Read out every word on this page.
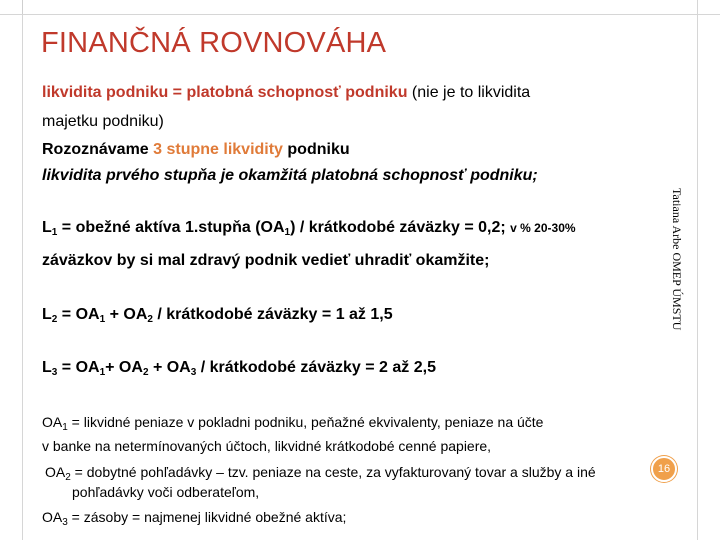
FINANČNÁ ROVNOVÁHA
likvidita podniku = platobná schopnosť podniku (nie je to likvidita
majetku podniku)
Rozoznávame 3 stupne likvidity podniku
likvidita prvého stupňa je okamžitá platobná schopnosť podniku;
$L_1$ = obežné aktíva 1.stupňa $(OA_1)$ / krátkodobé záväzky = 0,2; v % 20-30%
záväzkov by si mal zdravý podnik vedieť uhradiť okamžite;
$L_2 = OA_1 + OA_2$ / krátkodobé záväzky = 1 až 1,5
$L_3 = OA_1+ OA_2 + OA_3$ / krátkodobé záväzky = 2 až 2,5
$OA_1$ = likvidné peniaze v pokladni podniku, peňažné ekvivalenty, peniaze na účte
v banke na netermínovaných účtoch, likvidné krátkodobé cenné papiere,
$OA_2$ = dobytné pohľadávky – tzv. peniaze na ceste, za vyfakturovaný tovar a služby a iné
pohľadávky voči odberateľom,
$OA_3$ = zásoby = najmenej likvidné obežné aktíva;
Tatiana Arbe OMEP ÚMSTU
16
